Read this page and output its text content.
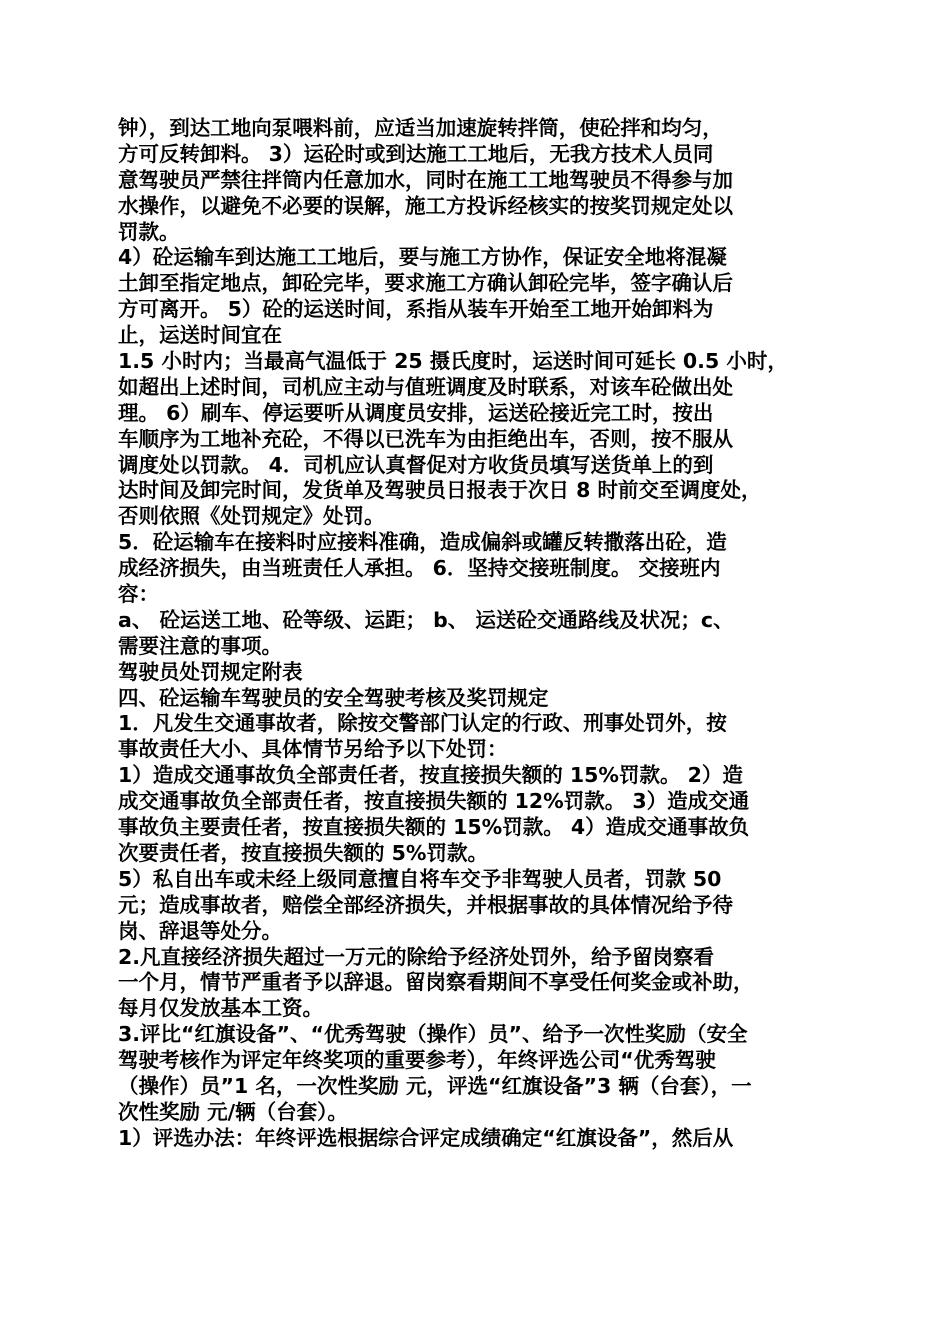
钟），到达工地向泵喂料前，应适当加速旋转拌筒，使砼拌和均匀，
方可反转卸料。 3）运砼时或到达施工工地后，无我方技术人员同
意驾驶员严禁往拌筒内任意加水，同时在施工工地驾驶员不得参与加
水操作，以避免不必要的误解，施工方投诉经核实的按奖罚规定处以
罚款。
4）砼运输车到达施工工地后，要与施工方协作，保证安全地将混凝
土卸至指定地点，卸砼完毕，要求施工方确认卸砼完毕，签字确认后
方可离开。 5）砼的运送时间，系指从装车开始至工地开始卸料为
止，运送时间宜在
1.5 小时内；当最高气温低于 25 摄氏度时，运送时间可延长 0.5 小时，
如超出上述时间，司机应主动与值班调度及时联系，对该车砼做出处
理。 6）刷车、停运要听从调度员安排，运送砼接近完工时，按出
车顺序为工地补充砼，不得以已洗车为由拒绝出车，否则，按不服从
调度处以罚款。 4．司机应认真督促对方收货员填写送货单上的到
达时间及卸完时间，发货单及驾驶员日报表于次日 8 时前交至调度处，
否则依照《处罚规定》处罚。
5．砼运输车在接料时应接料准确，造成偏斜或罐反转撒落出砼，造
成经济损失，由当班责任人承担。 6．坚持交接班制度。 交接班内
容：
a、 砼运送工地、砼等级、运距； b、 运送砼交通路线及状况；c、
需要注意的事项。
驾驶员处罚规定附表
四、砼运输车驾驶员的安全驾驶考核及奖罚规定
1．凡发生交通事故者，除按交警部门认定的行政、刑事处罚外，按
事故责任大小、具体情节另给予以下处罚：
1）造成交通事故负全部责任者，按直接损失额的 15%罚款。 2）造
成交通事故负全部责任者，按直接损失额的 12%罚款。 3）造成交通
事故负主要责任者，按直接损失额的 15%罚款。 4）造成交通事故负
次要责任者，按直接损失额的 5%罚款。
5）私自出车或未经上级同意擅自将车交予非驾驶人员者，罚款 50
元；造成事故者，赔偿全部经济损失，并根据事故的具体情况给予待
岗、辞退等处分。
2.凡直接经济损失超过一万元的除给予经济处罚外，给予留岗察看
一个月，情节严重者予以辞退。留岗察看期间不享受任何奖金或补助，
每月仅发放基本工资。
3.评比“红旗设备”、“优秀驾驶（操作）员”、给予一次性奖励（安全
驾驶考核作为评定年终奖项的重要参考），年终评选公司“优秀驾驶
（操作）员”1 名，一次性奖励 元，评选“红旗设备”3 辆（台套），一
次性奖励 元/辆（台套）。
1）评选办法：年终评选根据综合评定成绩确定“红旗设备”，然后从
